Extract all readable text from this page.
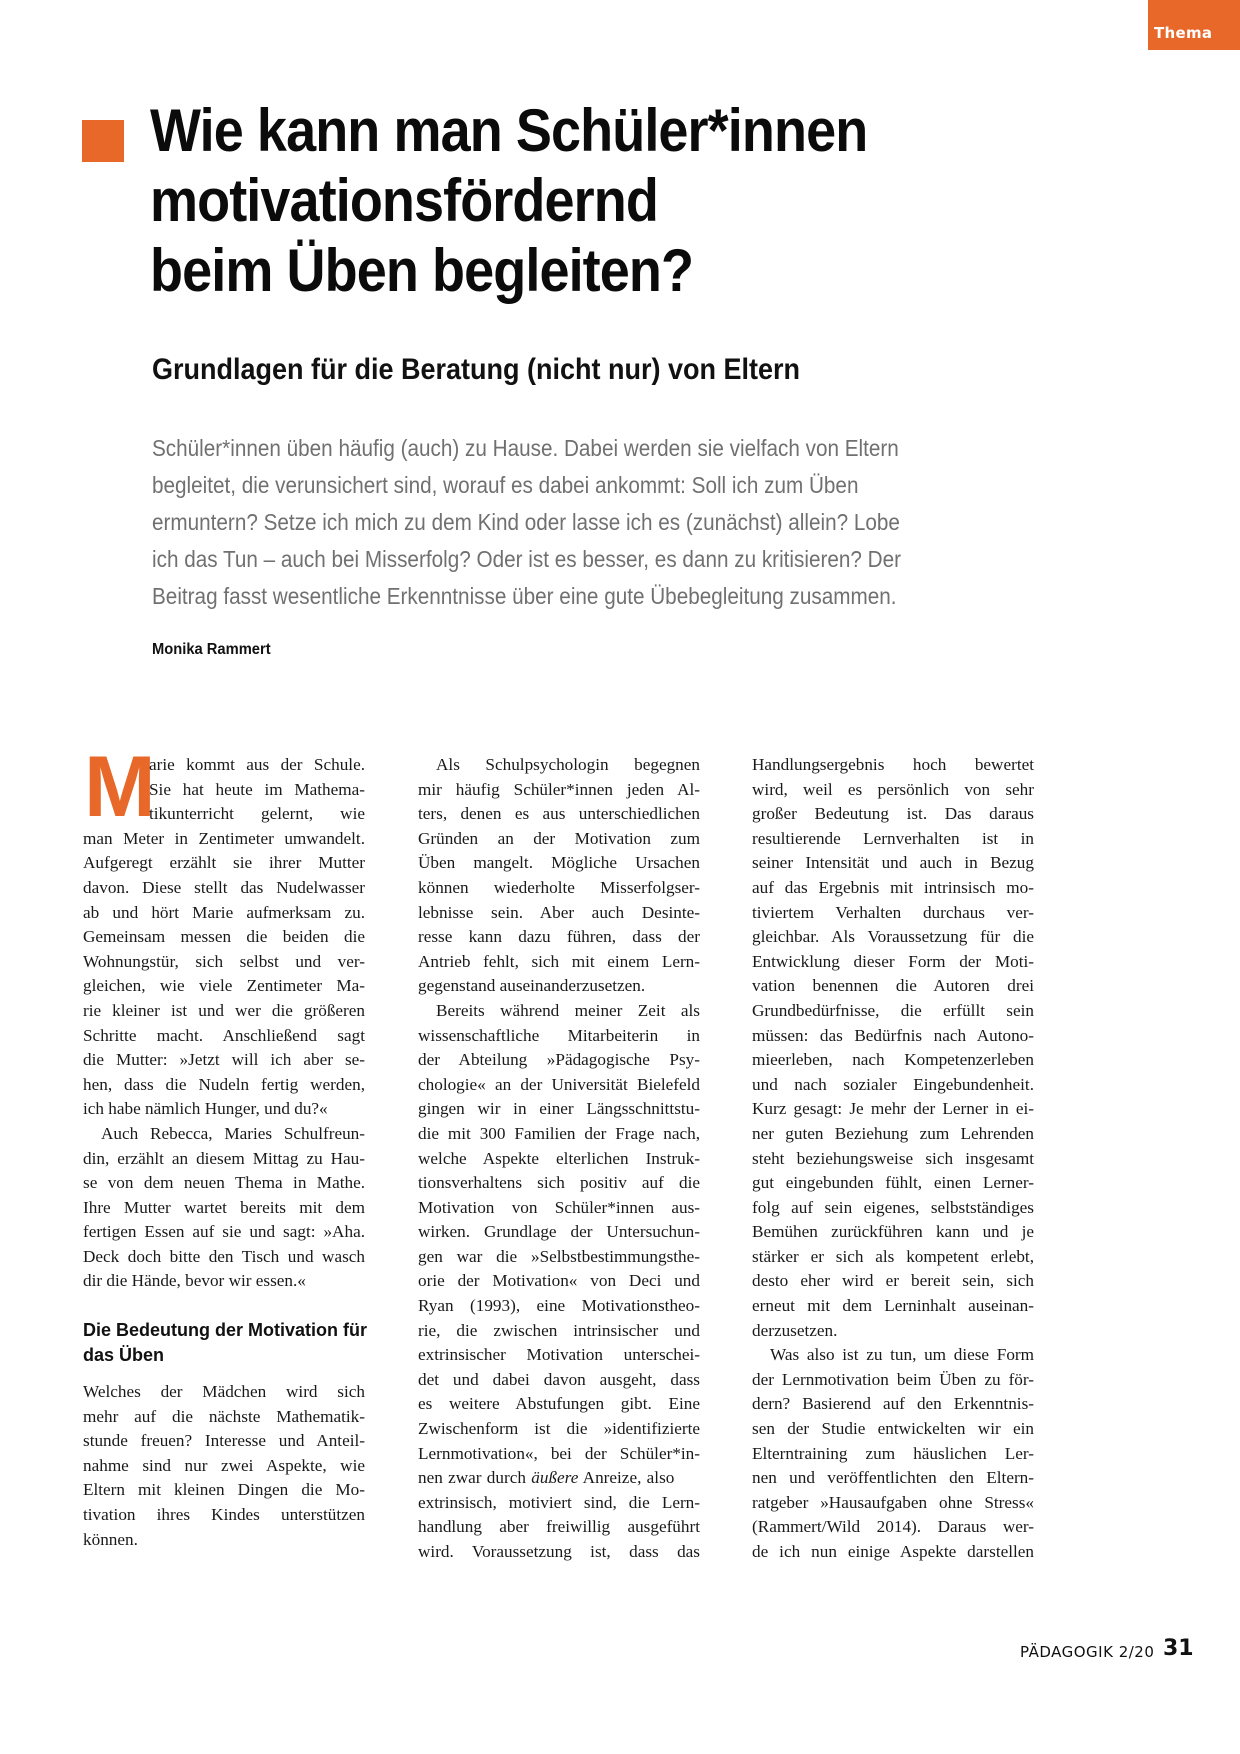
Thema
Wie kann man Schüler*innen
motivationsfördernd
beim Üben begleiten?
Grundlagen für die Beratung (nicht nur) von Eltern
Schüler*innen üben häufig (auch) zu Hause. Dabei werden sie vielfach von Eltern
begleitet, die verunsichert sind, worauf es dabei ankommt: Soll ich zum Üben
ermuntern? Setze ich mich zu dem Kind oder lasse ich es (zunächst) allein? Lobe
ich das Tun – auch bei Misserfolg? Oder ist es besser, es dann zu kritisieren? Der
Beitrag fasst wesentliche Erkenntnisse über eine gute Übebegleitung zusammen.
Monika Rammert
M
arie kommt aus der Schule.
Sie hat heute im Mathema-
tikunterricht gelernt, wie
man Meter in Zentimeter umwandelt.
Aufgeregt erzählt sie ihrer Mutter
davon. Diese stellt das Nudelwasser
ab und hört Marie aufmerksam zu.
Gemeinsam messen die beiden die
Wohnungstür, sich selbst und ver-
gleichen, wie viele Zentimeter Ma-
rie kleiner ist und wer die größeren
Schritte macht. Anschließend sagt
die Mutter: »Jetzt will ich aber se-
hen, dass die Nudeln fertig werden,
ich habe nämlich Hunger, und du?«
Auch Rebecca, Maries Schulfreun-
din, erzählt an diesem Mittag zu Hau-
se von dem neuen Thema in Mathe.
Ihre Mutter wartet bereits mit dem
fertigen Essen auf sie und sagt: »Aha.
Deck doch bitte den Tisch und wasch
dir die Hände, bevor wir essen.«
Die Bedeutung der Motivation für
das Üben
Welches der Mädchen wird sich
mehr auf die nächste Mathematik-
stunde freuen? Interesse und Anteil-
nahme sind nur zwei Aspekte, wie
Eltern mit kleinen Dingen die Mo-
tivation ihres Kindes unterstützen
können.
Als Schulpsychologin begegnen
mir häufig Schüler*innen jeden Al-
ters, denen es aus unterschiedlichen
Gründen an der Motivation zum
Üben mangelt. Mögliche Ursachen
können wiederholte Misserfolgser-
lebnisse sein. Aber auch Desinte-
resse kann dazu führen, dass der
Antrieb fehlt, sich mit einem Lern-
gegenstand auseinanderzusetzen.
Bereits während meiner Zeit als
wissenschaftliche Mitarbeiterin in
der Abteilung »Pädagogische Psy-
chologie« an der Universität Bielefeld
gingen wir in einer Längsschnittstu-
die mit 300 Familien der Frage nach,
welche Aspekte elterlichen Instruk-
tionsverhaltens sich positiv auf die
Motivation von Schüler*innen aus-
wirken. Grundlage der Untersuchun-
gen war die »Selbstbestimmungsthe-
orie der Motivation« von Deci und
Ryan (1993), eine Motivationstheo-
rie, die zwischen intrinsischer und
extrinsischer Motivation unterschei-
det und dabei davon ausgeht, dass
es weitere Abstufungen gibt. Eine
Zwischenform ist die »identifizierte
Lernmotivation«, bei der Schüler*in-
nen zwar durch äußere Anreize, also
extrinsisch, motiviert sind, die Lern-
handlung aber freiwillig ausgeführt
wird. Voraussetzung ist, dass das
Handlungsergebnis hoch bewertet
wird, weil es persönlich von sehr
großer Bedeutung ist. Das daraus
resultierende Lernverhalten ist in
seiner Intensität und auch in Bezug
auf das Ergebnis mit intrinsisch mo-
tiviertem Verhalten durchaus ver-
gleichbar. Als Voraussetzung für die
Entwicklung dieser Form der Moti-
vation benennen die Autoren drei
Grundbedürfnisse, die erfüllt sein
müssen: das Bedürfnis nach Autono-
mieerleben, nach Kompetenzerleben
und nach sozialer Eingebundenheit.
Kurz gesagt: Je mehr der Lerner in ei-
ner guten Beziehung zum Lehrenden
steht beziehungsweise sich insgesamt
gut eingebunden fühlt, einen Lerner-
folg auf sein eigenes, selbstständiges
Bemühen zurückführen kann und je
stärker er sich als kompetent erlebt,
desto eher wird er bereit sein, sich
erneut mit dem Lerninhalt auseinan-
derzusetzen.
Was also ist zu tun, um diese Form
der Lernmotivation beim Üben zu för-
dern? Basierend auf den Erkenntnis-
sen der Studie entwickelten wir ein
Elterntraining zum häuslichen Ler-
nen und veröffentlichten den Eltern-
ratgeber »Hausaufgaben ohne Stress«
(Rammert/Wild 2014). Daraus wer-
de ich nun einige Aspekte darstellen
PÄDAGOGIK 2/20 31
